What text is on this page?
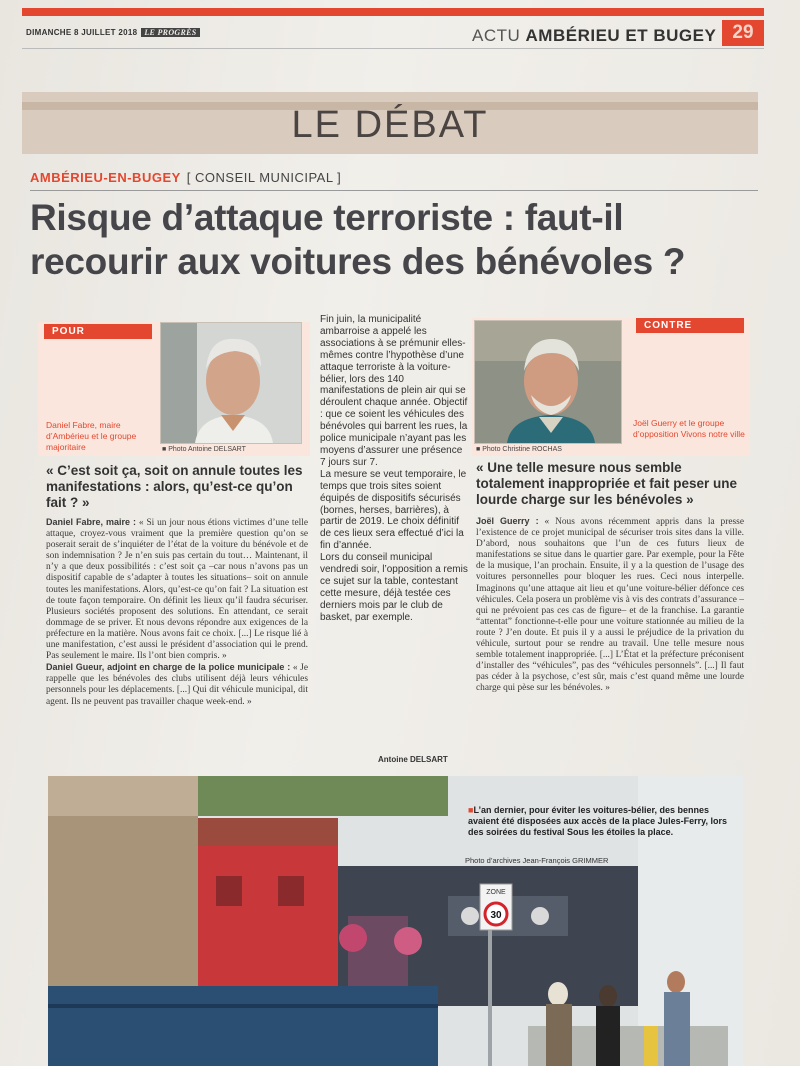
DIMANCHE 8 JUILLET 2018 LE PROGRÈS	ACTU AMBÉRIEU ET BUGEY 29
LE DÉBAT
AMBÉRIEU-EN-BUGEY [ CONSEIL MUNICIPAL ]
Risque d’attaque terroriste : faut-il recourir aux voitures des bénévoles ?
POUR
■ Photo Antoine DELSART
Daniel Fabre, maire d’Ambérieu et le groupe majoritaire
« C’est soit ça, soit on annule toutes les manifestations : alors, qu’est-ce qu’on fait ? »
Daniel Fabre, maire : « Si un jour nous étions victimes d’une telle attaque, croyez-vous vraiment que la première question qu’on se poserait serait de s’inquiéter de l’état de la voiture du bénévole et de son indemnisation ? Je n’en suis pas certain du tout… Maintenant, il n’y a que deux possibilités : c’est soit ça –car nous n’avons pas un dispositif capable de s’adapter à toutes les situations– soit on annule toutes les manifestations. Alors, qu’est-ce qu’on fait ? La situation est de toute façon temporaire. On définit les lieux qu’il faudra sécuriser. Plusieurs sociétés proposent des solutions. En attendant, ce serait dommage de se priver. Et nous devons répondre aux exigences de la préfecture en la matière. Nous avons fait ce choix. [...] Le risque lié à une manifestation, c’est aussi le président d’association qui le prend. Pas seulement le maire. Ils l’ont bien compris. »
Daniel Gueur, adjoint en charge de la police municipale : « Je rappelle que les bénévoles des clubs utilisent déjà leurs véhicules personnels pour les déplacements. [...] Qui dit véhicule municipal, dit agent. Ils ne peuvent pas travailler chaque week-end. »
Fin juin, la municipalité ambarroise a appelé les associations à se prémunir elles-mêmes contre l’hypothèse d’une attaque terroriste à la voiture-bélier, lors des 140 manifestations de plein air qui se déroulent chaque année. Objectif : que ce soient les véhicules des bénévoles qui barrent les rues, la police municipale n’ayant pas les moyens d’assurer une présence 7 jours sur 7.
La mesure se veut temporaire, le temps que trois sites soient équipés de dispositifs sécurisés (bornes, herses, barrières), à partir de 2019. Le choix définitif de ces lieux sera effectué d’ici la fin d’année.
Lors du conseil municipal vendredi soir, l’opposition a remis ce sujet sur la table, contestant cette mesure, déjà testée ces derniers mois par le club de basket, par exemple.
Antoine DELSART
CONTRE
■ Photo Christine ROCHAS
Joël Guerry et le groupe d’opposition Vivons notre ville
« Une telle mesure nous semble totalement inappropriée et fait peser une lourde charge sur les bénévoles »
Joël Guerry : « Nous avons récemment appris dans la presse l’existence de ce projet municipal de sécuriser trois sites dans la ville. D’abord, nous souhaitons que l’un de ces futurs lieux de manifestations se situe dans le quartier gare. Par exemple, pour la Fête de la musique, l’an prochain. Ensuite, il y a la question de l’usage des voitures personnelles pour bloquer les rues. Ceci nous interpelle. Imaginons qu’une attaque ait lieu et qu’une voiture-bélier défonce ces véhicules. Cela posera un problème vis à vis des contrats d’assurance –qui ne prévoient pas ces cas de figure– et de la franchise. La garantie “attentat” fonctionne-t-elle pour une voiture stationnée au milieu de la route ? J’en doute. Et puis il y a aussi le préjudice de la privation du véhicule, surtout pour se rendre au travail. Une telle mesure nous semble totalement inappropriée. [...] L’État et la préfecture préconisent d’installer des “véhicules”, pas des “véhicules personnels”. [...] Il faut pas céder à la psychose, c’est sûr, mais c’est quand même une lourde charge qui pèse sur les bénévoles. »
ZONE
30
■L’an dernier, pour éviter les voitures-bélier, des bennes avaient été disposées aux accès de la place Jules-Ferry, lors des soirées du festival Sous les étoiles la place.
Photo d’archives Jean-François GRIMMER
